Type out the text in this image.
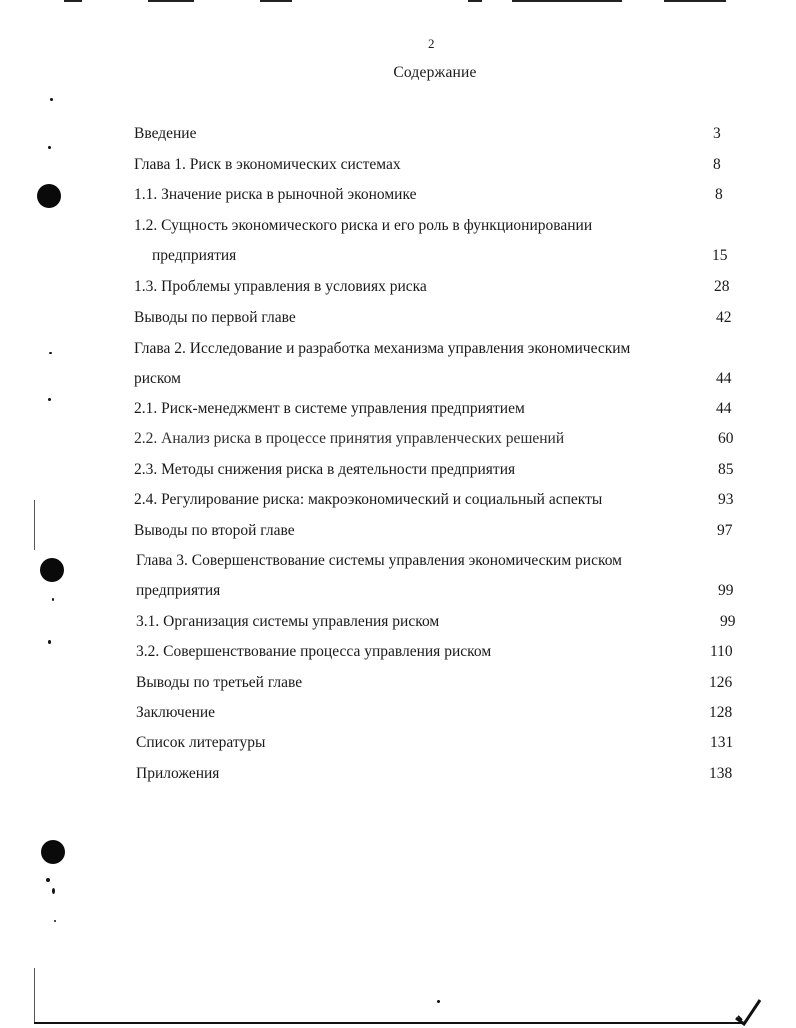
2
Содержание
Введение	3
Глава 1. Риск в экономических системах	8
1.1. Значение риска в рыночной экономике	8
1.2. Сущность экономического риска и его роль в функционировании
предприятия	15
1.3. Проблемы управления в условиях риска	28
Выводы по первой главе	42
Глава 2. Исследование и разработка механизма управления экономическим
риском	44
2.1. Риск-менеджмент в системе управления предприятием	44
2.2. Анализ риска в процессе принятия управленческих решений	60
2.3. Методы снижения риска в деятельности предприятия	85
2.4. Регулирование риска: макроэкономический и социальный аспекты	93
Выводы по второй главе	97
Глава 3. Совершенствование системы управления экономическим риском
предприятия	99
3.1. Организация системы управления риском	99
3.2. Совершенствование процесса управления риском	110
Выводы по третьей главе	126
Заключение	128
Список литературы	131
Приложения	138
